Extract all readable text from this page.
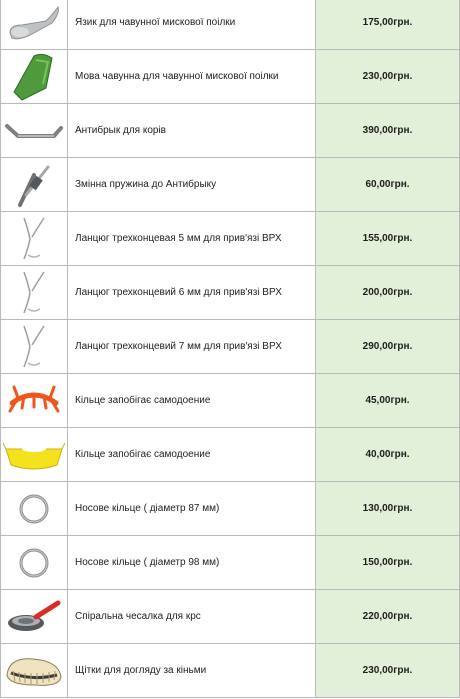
	Язик для чавунної мискової поілки	175,00грн.

	Мова чавунна для чавунної мискової поілки	230,00грн.

	Антибрык для корів	390,00грн.

	Змінна пружина до Антибрыку	60,00грн.

	Ланцюг трехконцевая 5 мм для прив'язі ВРХ	155,00грн.

	Ланцюг трехконцевий 6 мм для прив'язі ВРХ	200,00грн.

	Ланцюг трехконцевий 7 мм для прив'язі ВРХ	290,00грн.

	Кільце запобігає самодоение	45,00грн.

	Кільце запобігає самодоение	40,00грн.

	Носове кільце ( діаметр 87 мм)	130,00грн.

	Носове кільце ( діаметр 98 мм)	150,00грн.

	Спіральна чесалка для крс	220,00грн.

	Щітки для догляду за кіньми	230,00грн.
